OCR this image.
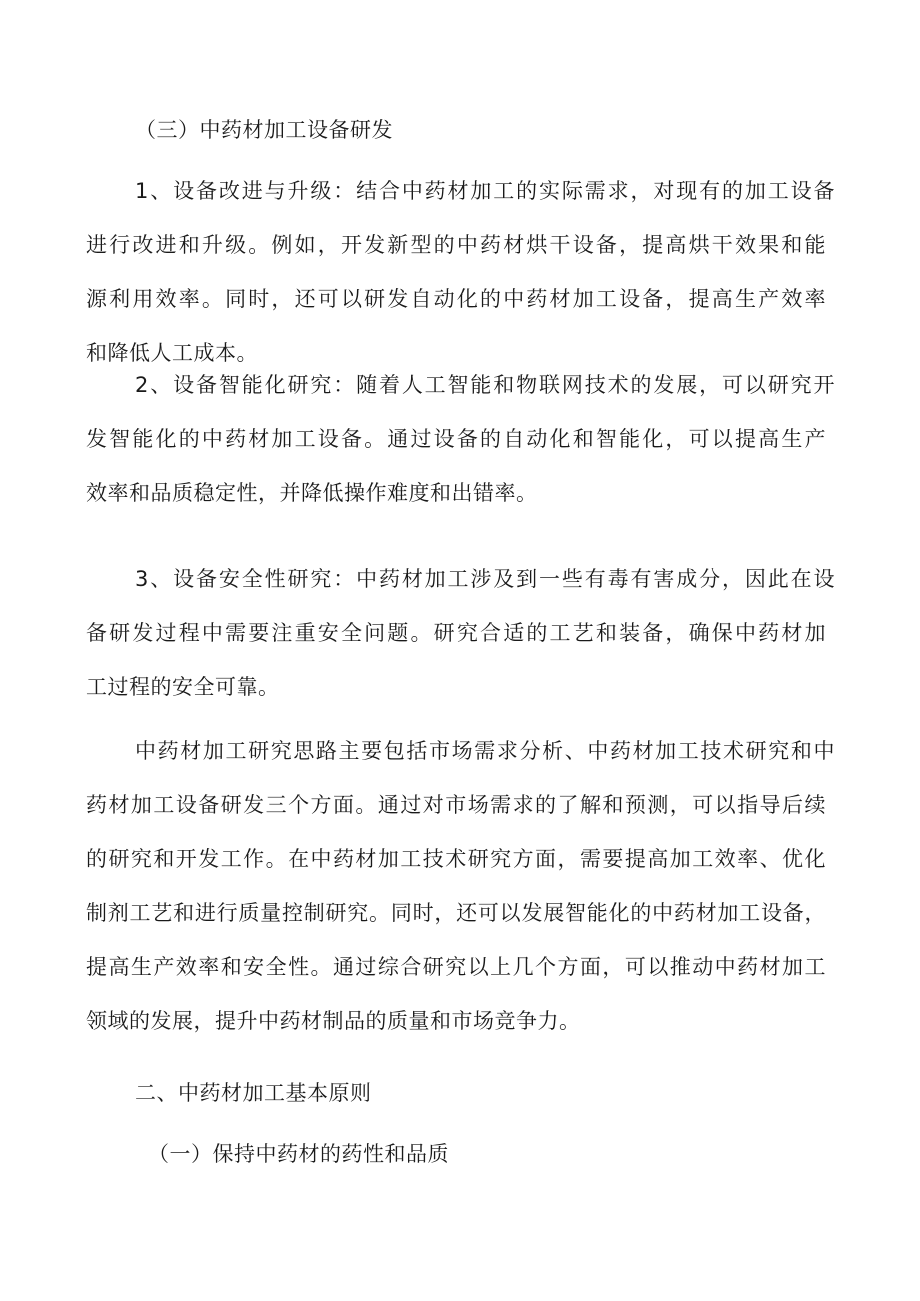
（三）中药材加工设备研发
1、设备改进与升级：结合中药材加工的实际需求，对现有的加工设备
进行改进和升级。例如，开发新型的中药材烘干设备，提高烘干效果和能
源利用效率。同时，还可以研发自动化的中药材加工设备，提高生产效率
和降低人工成本。
2、设备智能化研究：随着人工智能和物联网技术的发展，可以研究开
发智能化的中药材加工设备。通过设备的自动化和智能化，可以提高生产
效率和品质稳定性，并降低操作难度和出错率。
3、设备安全性研究：中药材加工涉及到一些有毒有害成分，因此在设
备研发过程中需要注重安全问题。研究合适的工艺和装备，确保中药材加
工过程的安全可靠。
中药材加工研究思路主要包括市场需求分析、中药材加工技术研究和中
药材加工设备研发三个方面。通过对市场需求的了解和预测，可以指导后续
的研究和开发工作。在中药材加工技术研究方面，需要提高加工效率、优化
制剂工艺和进行质量控制研究。同时，还可以发展智能化的中药材加工设备，
提高生产效率和安全性。通过综合研究以上几个方面，可以推动中药材加工
领域的发展，提升中药材制品的质量和市场竞争力。
二、中药材加工基本原则
（一）保持中药材的药性和品质
